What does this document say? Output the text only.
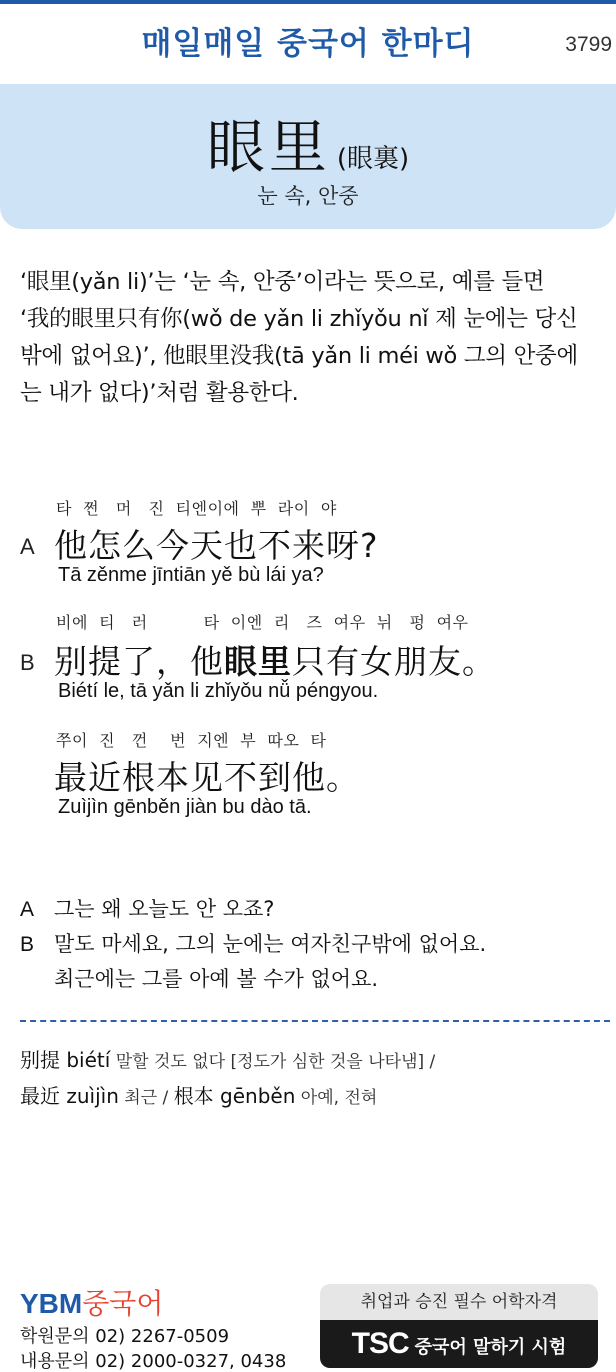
매일매일 중국어 한마디	3799
眼里 (眼裏)
눈 속, 안중

‘眼里(yǎn li)’는 ‘눈 속, 안중’이라는 뜻으로, 예를 들면

‘我的眼里只有你(wǒ de yǎn li zhǐyǒu nǐ 제 눈에는 당신

밖에 없어요)’, 他眼里没我(tā yǎn li méi wǒ 그의 안중에

는 내가 없다)’처럼 활용한다.

타  쩐   머   진  티엔이에  뿌  라이  야
A 他怎么今天也不来呀?
Tā zěnme jīntiān yě bù lái ya?
비에  티   러          타  이엔  리   즈  여우  뉘   펑  여우
B 别提了，他眼里只有女朋友。
Biétí le, tā yǎn li zhǐyǒu nǚ péngyou.
쭈이  진   껀    번  지엔  부  따오  타
最近根本见不到他。
Zuìjìn gēnběn jiàn bu dào tā.
A 그는 왜 오늘도 안 오죠?
B 말도 마세요, 그의 눈에는 여자친구밖에 없어요.
최근에는 그를 아예 볼 수가 없어요.
别提 biétí 말할 것도 없다 [정도가 심한 것을 나타냄] /
最近 zuìjìn 최근 / 根本 gēnběn 아예, 전혀
YBM중국어
학원문의 02) 2267-0509
내용문의 02) 2000-0327, 0438
취업과 승진 필수 어학자격
TSC 중국어 말하기 시험
